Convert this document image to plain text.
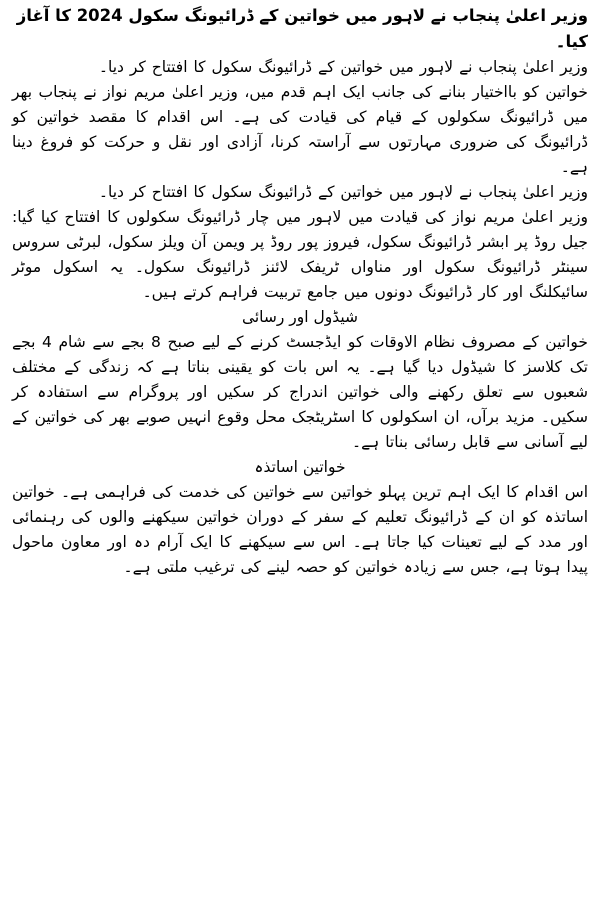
وزیر اعلیٰ پنجاب نے لاہور میں خواتین کے ڈرائیونگ سکول 2024 کا آغاز کیا۔

وزیر اعلیٰ پنجاب نے لاہور میں خواتین کے ڈرائیونگ سکول کا افتتاح کر دیا۔

خواتین کو بااختیار بنانے کی جانب ایک اہم قدم میں، وزیر اعلیٰ مریم نواز نے پنجاب بھر میں ڈرائیونگ سکولوں کے قیام کی قیادت کی ہے۔ اس اقدام کا مقصد خواتین کو ڈرائیونگ کی ضروری مہارتوں سے آراستہ کرنا، آزادی اور نقل و حرکت کو فروغ دینا ہے۔

وزیر اعلیٰ پنجاب نے لاہور میں خواتین کے ڈرائیونگ سکول کا افتتاح کر دیا۔

وزیر اعلیٰ مریم نواز کی قیادت میں لاہور میں چار ڈرائیونگ سکولوں کا افتتاح کیا گیا: جیل روڈ پر ابشر ڈرائیونگ سکول، فیروز پور روڈ پر ویمن آن ویلز سکول، لبرٹی سروس سینٹر ڈرائیونگ سکول اور مناواں ٹریفک لائنز ڈرائیونگ سکول۔ یہ اسکول موٹر سائیکلنگ اور کار ڈرائیونگ دونوں میں جامع تربیت فراہم کرتے ہیں۔

شیڈول اور رسائی

خواتین کے مصروف نظام الاوقات کو ایڈجسٹ کرنے کے لیے صبح 8 بجے سے شام 4 بجے تک کلاسز کا شیڈول دیا گیا ہے۔ یہ اس بات کو یقینی بناتا ہے کہ زندگی کے مختلف شعبوں سے تعلق رکھنے والی خواتین اندراج کر سکیں اور پروگرام سے استفادہ کر سکیں۔ مزید برآں، ان اسکولوں کا اسٹریٹجک محل وقوع انہیں صوبے بھر کی خواتین کے لیے آسانی سے قابل رسائی بناتا ہے۔

خواتین اساتذہ

اس اقدام کا ایک اہم ترین پہلو خواتین سے خواتین کی خدمت کی فراہمی ہے۔ خواتین اساتذہ کو ان کے ڈرائیونگ تعلیم کے سفر کے دوران خواتین سیکھنے والوں کی رہنمائی اور مدد کے لیے تعینات کیا جاتا ہے۔ اس سے سیکھنے کا ایک آرام دہ اور معاون ماحول پیدا ہوتا ہے، جس سے زیادہ خواتین کو حصہ لینے کی ترغیب ملتی ہے۔
